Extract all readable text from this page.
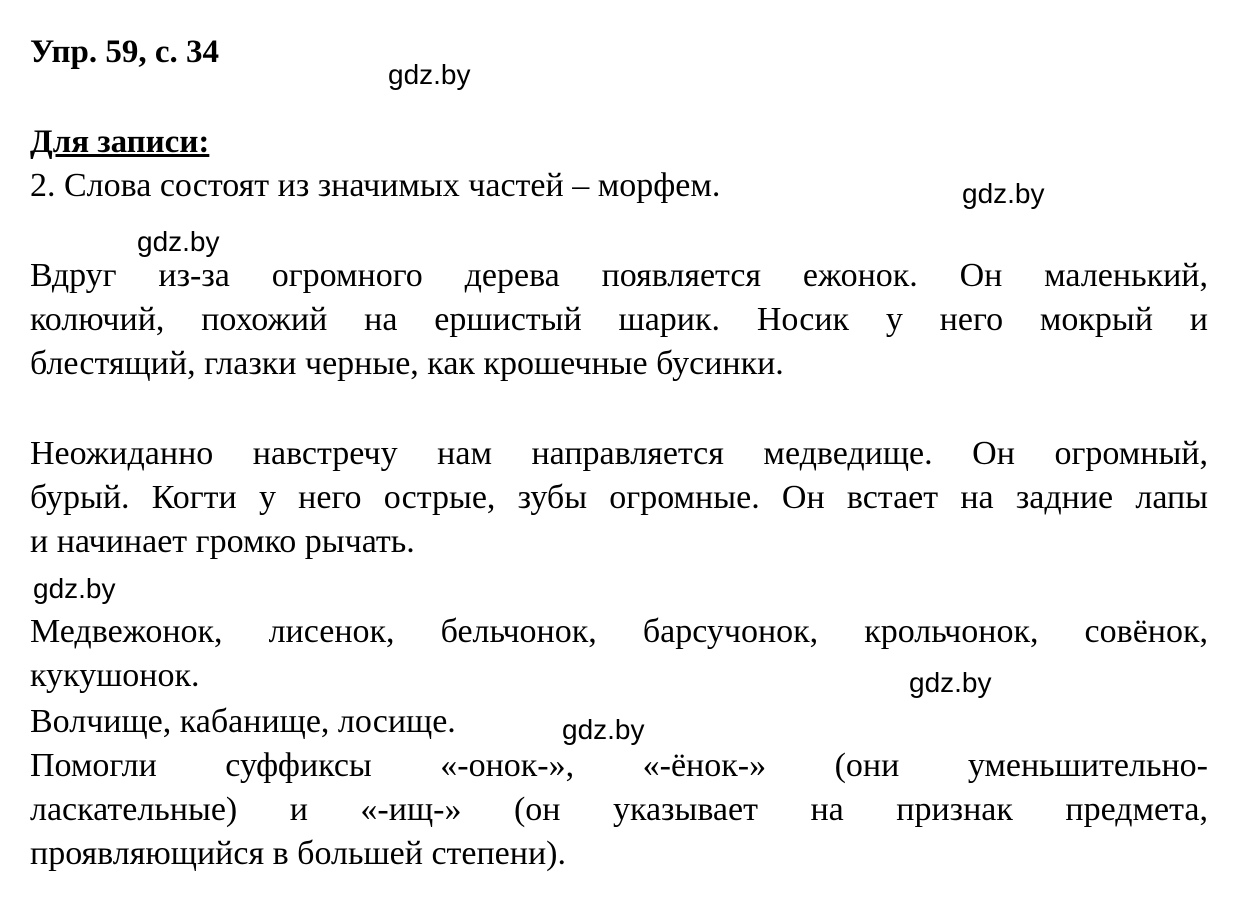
Упр. 59, с. 34
Для записи:
2. Слова состоят из значимых частей – морфем.
Вдруг из-за огромного дерева появляется ежонок. Он маленький,
колючий, похожий на ершистый шарик. Носик у него мокрый и
блестящий, глазки черные, как крошечные бусинки.
Неожиданно навстречу нам направляется медведище. Он огромный,
бурый. Когти у него острые, зубы огромные. Он встает на задние лапы
и начинает громко рычать.
Медвежонок, лисенок, бельчонок, барсучонок, крольчонок, совёнок,
кукушонок.
Волчище, кабанище, лосище.
Помогли суффиксы «-онок-», «-ёнок-» (они уменьшительно-
ласкательные) и «-ищ-» (он указывает на признак предмета,
проявляющийся в большей степени).
gdz.by
gdz.by
gdz.by
gdz.by
gdz.by
gdz.by
